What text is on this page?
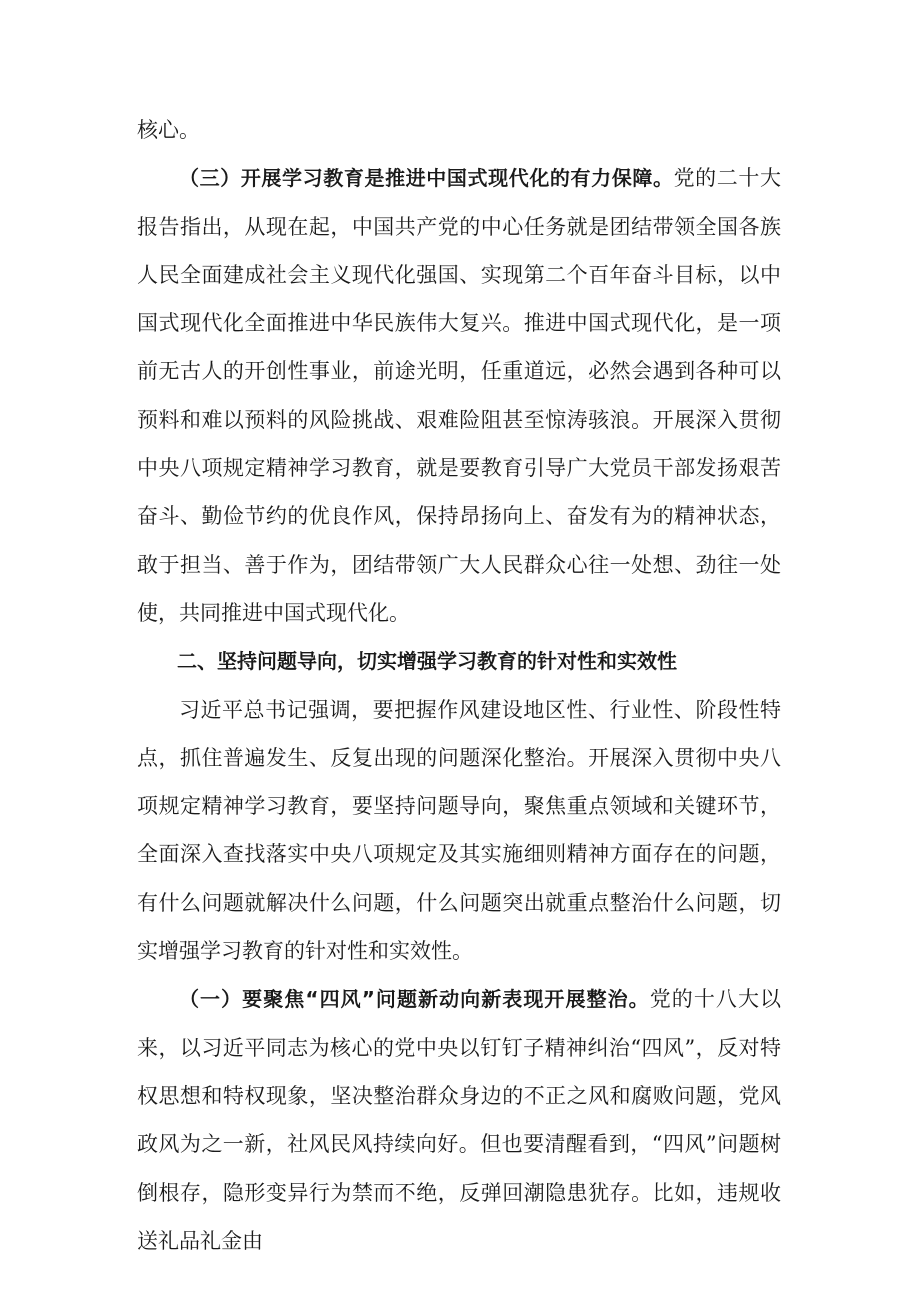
核心。

（三）开展学习教育是推进中国式现代化的有力保障。党的二十大报告指出，从现在起，中国共产党的中心任务就是团结带领全国各族人民全面建成社会主义现代化强国、实现第二个百年奋斗目标，以中国式现代化全面推进中华民族伟大复兴。推进中国式现代化，是一项前无古人的开创性事业，前途光明，任重道远，必然会遇到各种可以预料和难以预料的风险挑战、艰难险阻甚至惊涛骇浪。开展深入贯彻中央八项规定精神学习教育，就是要教育引导广大党员干部发扬艰苦奋斗、勤俭节约的优良作风，保持昂扬向上、奋发有为的精神状态，敢于担当、善于作为，团结带领广大人民群众心往一处想、劲往一处使，共同推进中国式现代化。

二、坚持问题导向，切实增强学习教育的针对性和实效性

习近平总书记强调，要把握作风建设地区性、行业性、阶段性特点，抓住普遍发生、反复出现的问题深化整治。开展深入贯彻中央八项规定精神学习教育，要坚持问题导向，聚焦重点领域和关键环节，全面深入查找落实中央八项规定及其实施细则精神方面存在的问题，有什么问题就解决什么问题，什么问题突出就重点整治什么问题，切实增强学习教育的针对性和实效性。

（一）要聚焦“四风”问题新动向新表现开展整治。党的十八大以来，以习近平同志为核心的党中央以钉钉子精神纠治“四风”，反对特权思想和特权现象，坚决整治群众身边的不正之风和腐败问题，党风政风为之一新，社风民风持续向好。但也要清醒看到，“四风”问题树倒根存，隐形变异行为禁而不绝，反弹回潮隐患犹存。比如，违规收送礼品礼金由
